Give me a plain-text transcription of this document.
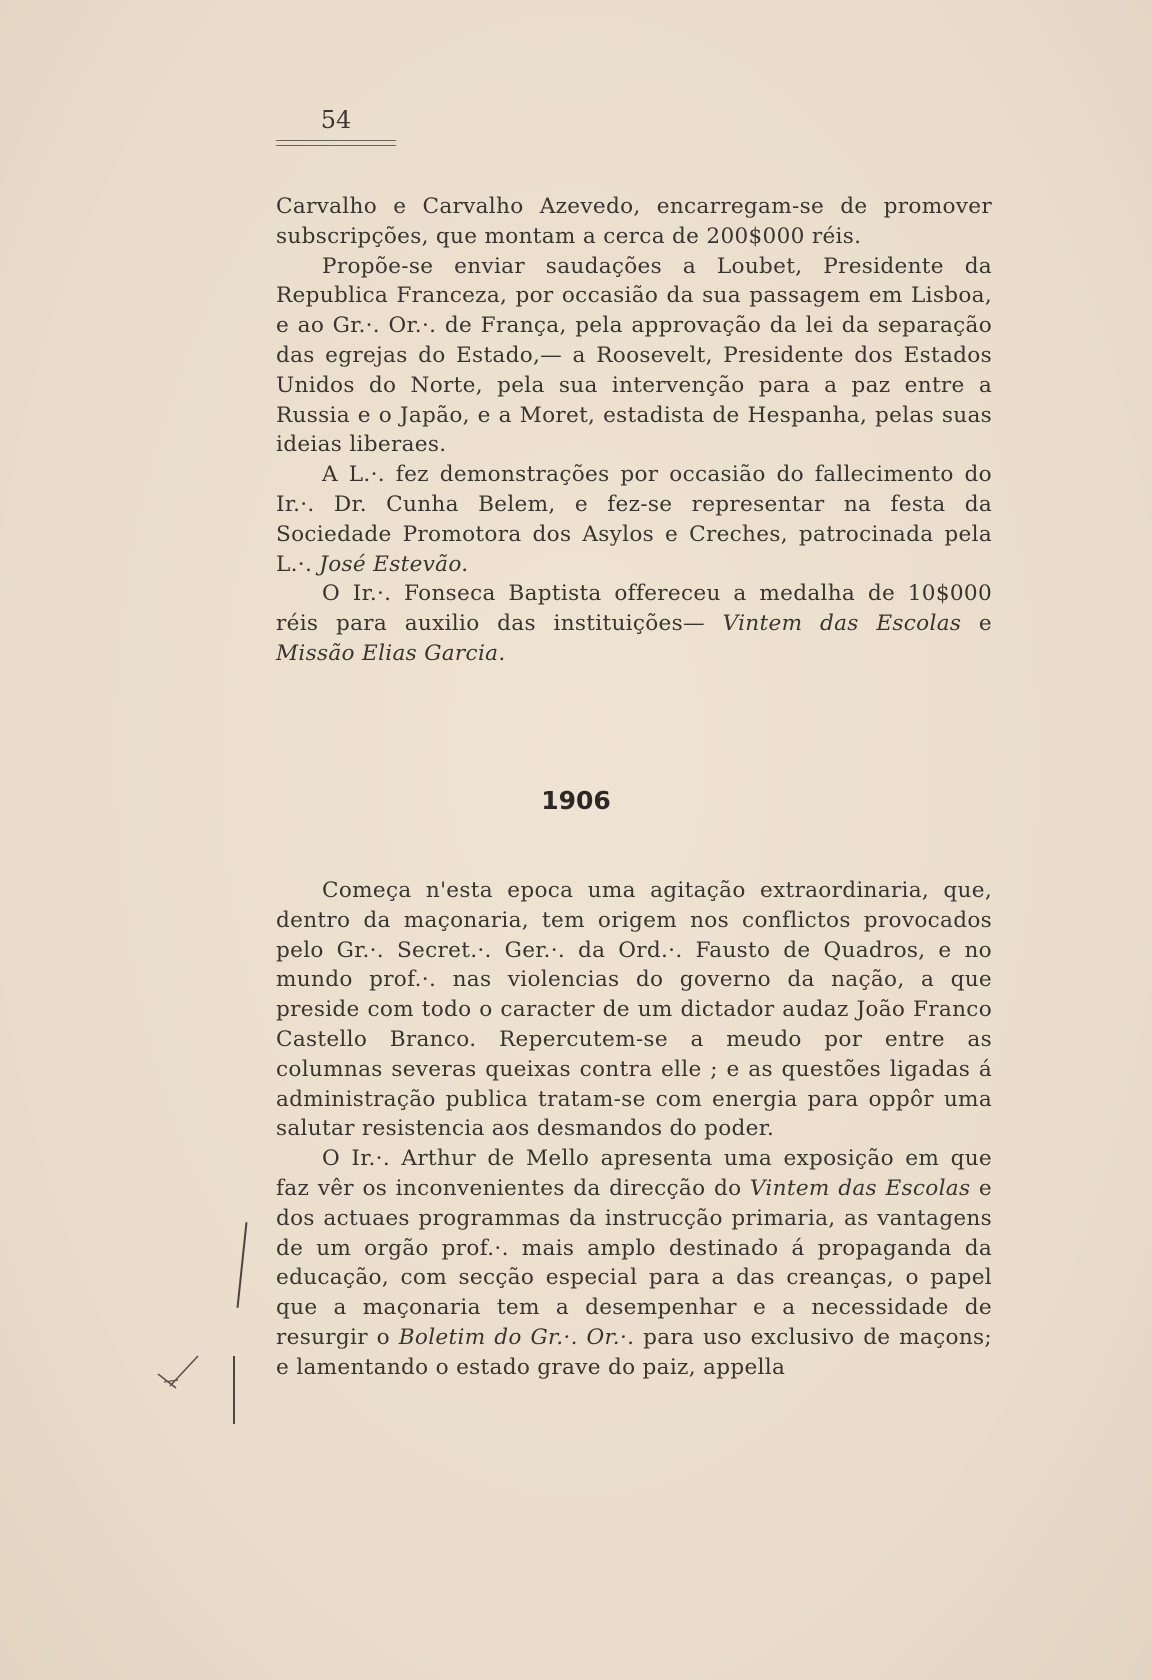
54

Carvalho e Carvalho Azevedo, encarregam-se de promover subscripções, que montam a cerca de 200$000 réis.

Propõe-se enviar saudações a Loubet, Presidente da Republica Franceza, por occasião da sua passagem em Lisboa, e ao Gr.·. Or.·. de França, pela approvação da lei da separação das egrejas do Estado,— a Roosevelt, Presidente dos Estados Unidos do Norte, pela sua intervenção para a paz entre a Russia e o Japão, e a Moret, estadista de Hespanha, pelas suas ideias liberaes.

A L.·. fez demonstrações por occasião do fallecimento do Ir.·. Dr. Cunha Belem, e fez-se representar na festa da Sociedade Promotora dos Asylos e Creches, patrocinada pela L.·. José Estevão.

O Ir.·. Fonseca Baptista offereceu a medalha de 10$000 réis para auxilio das instituições— Vintem das Escolas e Missão Elias Garcia.

1906

Começa n'esta epoca uma agitação extraordinaria, que, dentro da maçonaria, tem origem nos conflictos provocados pelo Gr.·. Secret.·. Ger.·. da Ord.·. Fausto de Quadros, e no mundo prof.·. nas violencias do governo da nação, a que preside com todo o caracter de um dictador audaz João Franco Castello Branco. Repercutem-se a meudo por entre as columnas severas queixas contra elle ; e as questões ligadas á administração publica tratam-se com energia para oppôr uma salutar resistencia aos desmandos do poder.

O Ir.·. Arthur de Mello apresenta uma exposição em que faz vêr os inconvenientes da direcção do Vintem das Escolas e dos actuaes programmas da instrucção primaria, as vantagens de um orgão prof.·. mais amplo destinado á propaganda da educação, com secção especial para a das creanças, o papel que a maçonaria tem a desempenhar e a necessidade de resurgir o Boletim do Gr.·. Or.·. para uso exclusivo de maçons; e lamentando o estado grave do paiz, appella
